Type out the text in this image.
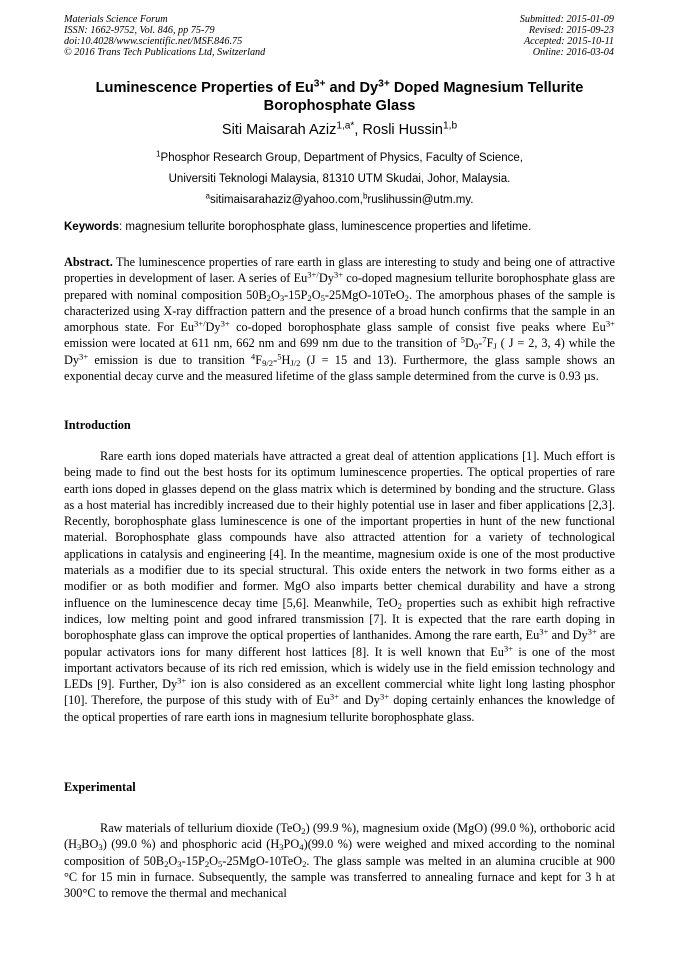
Materials Science Forum
ISSN: 1662-9752, Vol. 846, pp 75-79
doi:10.4028/www.scientific.net/MSF.846.75
© 2016 Trans Tech Publications Ltd, Switzerland
Submitted: 2015-01-09
Revised: 2015-09-23
Accepted: 2015-10-11
Online: 2016-03-04
Luminescence Properties of $Eu^{3+}$ and $Dy^{3+}$ Doped Magnesium Tellurite Borophosphate Glass
Siti Maisarah Aziz$^{1,a*}$, Rosli Hussin$^{1,b}$
$^1$Phosphor Research Group, Department of Physics, Faculty of Science,
Universiti Teknologi Malaysia, 81310 UTM Skudai, Johor, Malaysia.
$^a$sitimaisarahaziz@yahoo.com,$^b$ruslihussin@utm.my.
Keywords: magnesium tellurite borophosphate glass, luminescence properties and lifetime.
Abstract. The luminescence properties of rare earth in glass are interesting to study and being one of attractive properties in development of laser. A series of $Eu^{3+/}Dy^{3+}$ co-doped magnesium tellurite borophosphate glass are prepared with nominal composition $50B_2O_3-15P_2O_5-25MgO-10TeO_2$. The amorphous phases of the sample is characterized using X-ray diffraction pattern and the presence of a broad hunch confirms that the sample in an amorphous state. For $Eu^{3+/}Dy^{3+}$ co-doped borophosphate glass sample of consist five peaks where $Eu^{3+}$ emission were located at 611 nm, 662 nm and 699 nm due to the transition of $^5D_0-^7F_J$ ( J = 2, 3, 4) while the $Dy^{3+}$ emission is due to transition $^4F_{9/2}-^5H_{J/2}$ (J = 15 and 13). Furthermore, the glass sample shows an exponential decay curve and the measured lifetime of the glass sample determined from the curve is 0.93 µs.
Introduction
Rare earth ions doped materials have attracted a great deal of attention applications [1]. Much effort is being made to find out the best hosts for its optimum luminescence properties. The optical properties of rare earth ions doped in glasses depend on the glass matrix which is determined by bonding and the structure. Glass as a host material has incredibly increased due to their highly potential use in laser and fiber applications [2,3]. Recently, borophosphate glass luminescence is one of the important properties in hunt of the new functional material. Borophosphate glass compounds have also attracted attention for a variety of technological applications in catalysis and engineering [4]. In the meantime, magnesium oxide is one of the most productive materials as a modifier due to its special structural. This oxide enters the network in two forms either as a modifier or as both modifier and former. MgO also imparts better chemical durability and have a strong influence on the luminescence decay time [5,6]. Meanwhile, TeO$_2$ properties such as exhibit high refractive indices, low melting point and good infrared transmission [7]. It is expected that the rare earth doping in borophosphate glass can improve the optical properties of lanthanides. Among the rare earth, $Eu^{3+}$ and $Dy^{3+}$ are popular activators ions for many different host lattices [8]. It is well known that $Eu^{3+}$ is one of the most important activators because of its rich red emission, which is widely use in the field emission technology and LEDs [9]. Further, $Dy^{3+}$ ion is also considered as an excellent commercial white light long lasting phosphor [10]. Therefore, the purpose of this study with of $Eu^{3+}$ and $Dy^{3+}$ doping certainly enhances the knowledge of the optical properties of rare earth ions in magnesium tellurite borophosphate glass.
Experimental
Raw materials of tellurium dioxide (TeO$_2$) (99.9 %), magnesium oxide (MgO) (99.0 %), orthoboric acid $(H_3BO_3)$ (99.0 %) and phosphoric acid $(H_3PO_4)(99.0$ %) were weighed and mixed according to the nominal composition of $50B_2O_3-15P_2O_5-25MgO-10TeO_2$. The glass sample was melted in an alumina crucible at 900 °C for 15 min in furnace. Subsequently, the sample was transferred to annealing furnace and kept for 3 h at 300°C to remove the thermal and mechanical
